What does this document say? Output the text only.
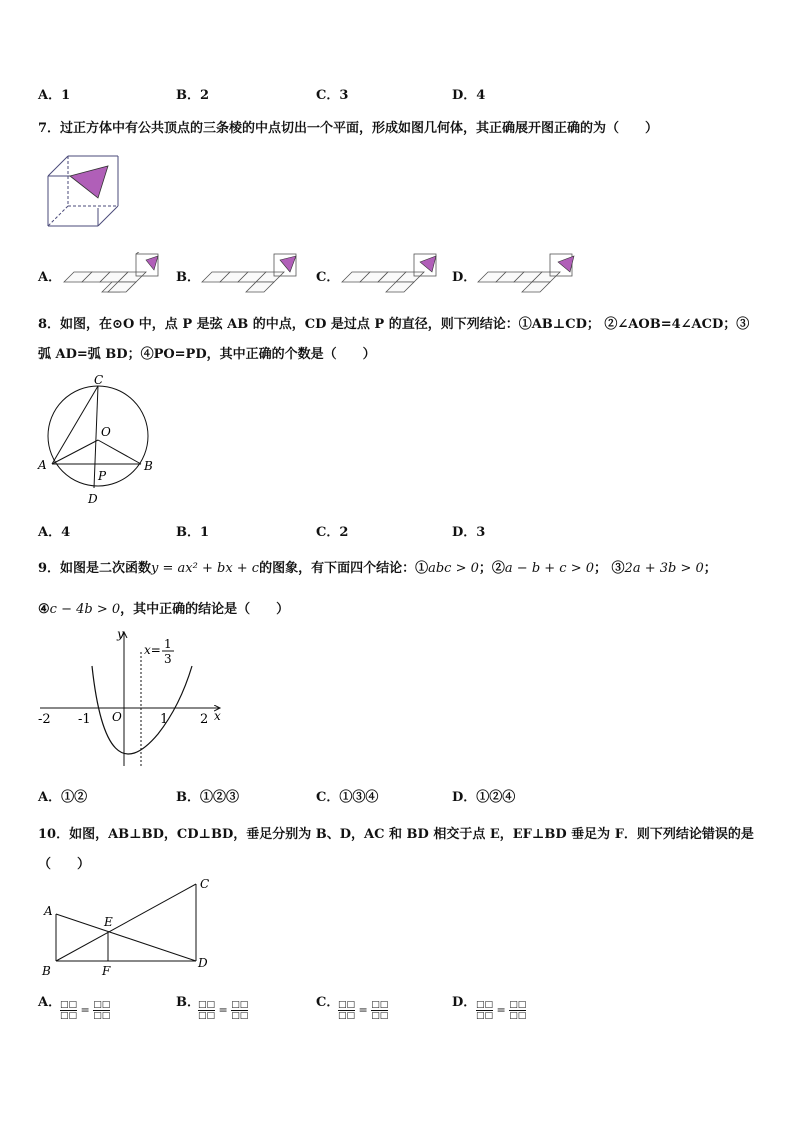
A．1	B．2	C．3	D．4
7．过正方体中有公共顶点的三条棱的中点切出一个平面，形成如图几何体，其正确展开图正确的为（　　）
A．	B．	C．	D．
8．如图，在⊙O 中，点 P 是弦 AB 的中点，CD 是过点 P 的直径，则下列结论：①AB⊥CD； ②∠AOB=4∠ACD；③
弧 AD=弧 BD；④PO=PD，其中正确的个数是（　　）
C
O
A	B
P
D
A．4	B．1	C．2	D．3
9．如图是二次函数y = ax² + bx + c的图象，有下面四个结论：①abc > 0；②a − b + c > 0； ③2a + 3b > 0；
④c − 4b > 0，其中正确的结论是（　　）
y
x
O
-2 -1	1 2
x= 1
3
A．①②	B．①②③	C．①③④	D．①②④
10．如图，AB⊥BD，CD⊥BD，垂足分别为 B、D，AC 和 BD 相交于点 E，EF⊥BD 垂足为 F．则下列结论错误的是
（　　）
A
B
C
D
E
F
A．	B．	C．	D．
$\frac{□□}{□□} = \frac{□□}{□□}$	$\frac{□□}{□□} = \frac{□□}{□□}$	$\frac{□□}{□□} = \frac{□□}{□□}$	$\frac{□□}{□□} = \frac{□□}{□□}$
